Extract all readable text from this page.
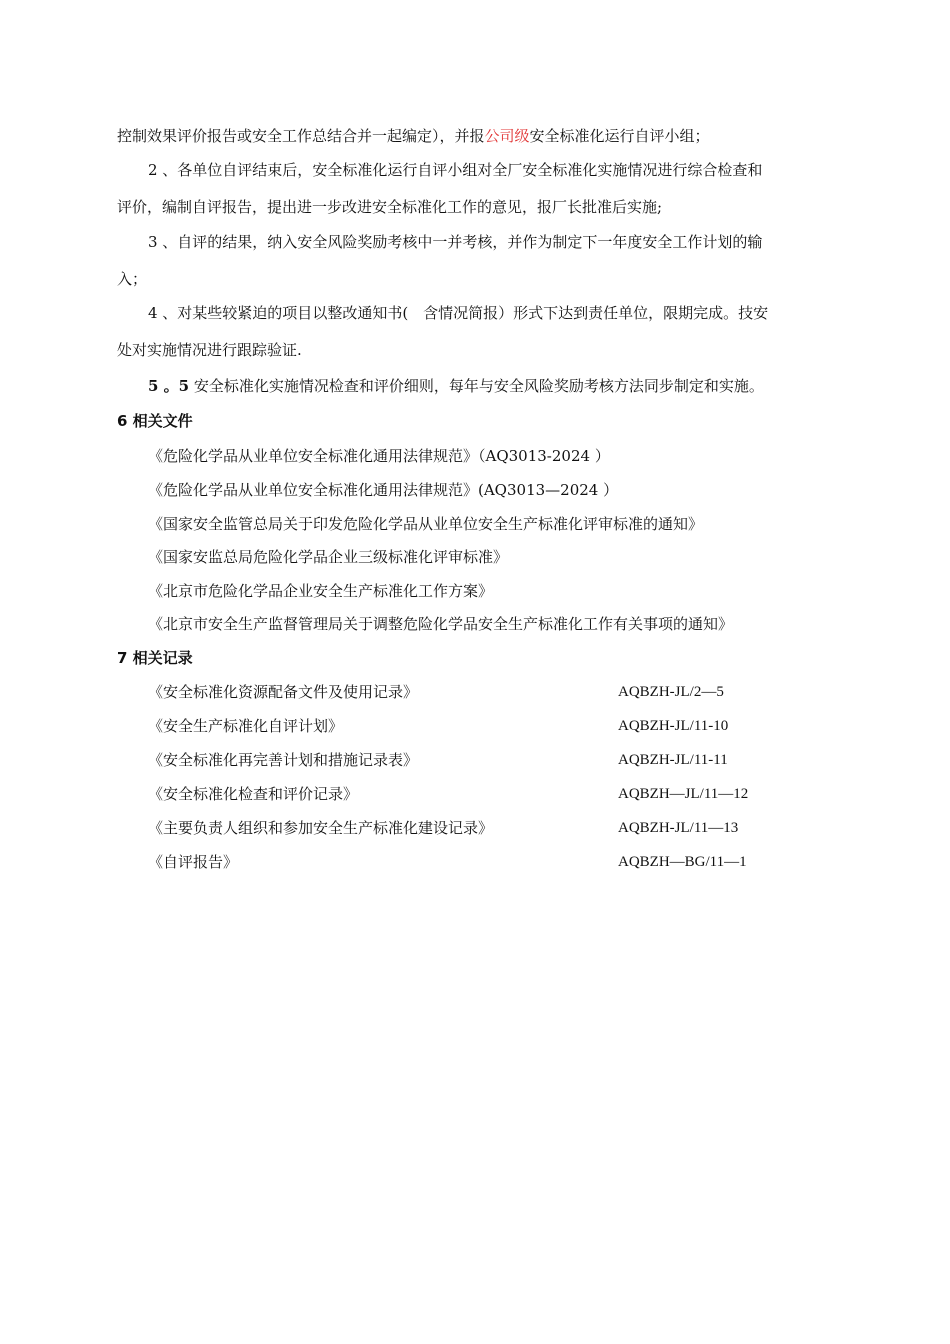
控制效果评价报告或安全工作总结合并一起编定），并报公司级安全标准化运行自评小组；
2 、各单位自评结束后，安全标准化运行自评小组对全厂安全标准化实施情况进行综合检查和
评价，编制自评报告，提出进一步改进安全标准化工作的意见，报厂长批准后实施;
3 、自评的结果，纳入安全风险奖励考核中一并考核，并作为制定下一年度安全工作计划的输
入；
4 、对某些较紧迫的项目以整改通知书(　含情况简报）形式下达到责任单位，限期完成。技安
处对实施情况进行跟踪验证.
5 。5 安全标准化实施情况检查和评价细则，每年与安全风险奖励考核方法同步制定和实施。
6 相关文件
《危险化学品从业单位安全标准化通用法律规范》（AQ3013-2024 ）
《危险化学品从业单位安全标准化通用法律规范》(AQ3013—2024 ）
《国家安全监管总局关于印发危险化学品从业单位安全生产标准化评审标准的通知》
《国家安监总局危险化学品企业三级标准化评审标准》
《北京市危险化学品企业安全生产标准化工作方案》
《北京市安全生产监督管理局关于调整危险化学品安全生产标准化工作有关事项的通知》
7 相关记录
《安全标准化资源配备文件及使用记录》	AQBZH-JL/2—5
《安全生产标准化自评计划》	AQBZH-JL/11-10
《安全标准化再完善计划和措施记录表》	AQBZH-JL/11-11
《安全标准化检查和评价记录》	AQBZH—JL/11—12
《主要负责人组织和参加安全生产标准化建设记录》	AQBZH-JL/11—13
《自评报告》	AQBZH—BG/11—1
